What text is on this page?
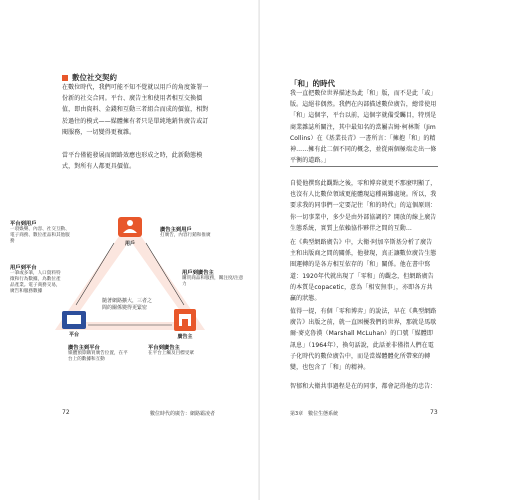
數位社交契約
在數位時代，我們可能不知不覺就以用戶的角度簽署一份新的社交合同。平台、廣告主和使用者相互交換價值，即由資料、金錢和互動三者組合而成的價值，相對於過往的模式——媒體擁有者只是單純地銷售廣告或訂閱服務，一切變得更複雜。
當平台僅能發展而網路效應也形成之時，此新動態模式，對所有人都更具價值。
用戶
平台	廣告主
隨著網路擴大，三者之間的關係變得更緊密
平台到用戶
一項娛樂、內容、社交互動、電子商務、數位產品和其他服務
廣告主到用戶
打廣告，內容行銷和推廣
用戶到平台
一筆或多筆，人口資料特徵和行為數據，為數位產品產業。電子商務交易，廣告和服務數據
用戶到廣告主
購買商品和服務，關注度/注意力
廣告主到平台
媒體預算購買廣告位置，在平台上的數據和互動
平台到廣告主
在平台上觸及目標受眾
72	數位時代的廣告：網路霸凌者
「和」的時代
我一直把數位世界描述為此「和」版，而不是此「或」版。這絕非偶然。我們在內部描述數位廣告，總常使用「和」這個字，平台以前，這個字就備受矚目，特別是商業雜誌所關注，其中最知名的當屬吉姆·柯林斯（Jim Collins）在《基業長青》一書所言：「擁抱「和」的精神……擁有此二個不同的概念，並從兩個極端走出一條平衡的道路。」
自從他撰寫此觀點之後，零和博弈就更不那麼明顯了，也沒有人比數位領域更能體現這種兩難處境。所以，我要求我的同事們一定要記住「和的時代」的這個原則：你一切事業中，多少是由外部協調的？開放的線上廣告生態系統，實質上依賴協作夥伴之間的互動…
在《典型網路廣告》中，大衛·阿加辛斯基分析了廣告主和出版商之間的關係，他發現，真正讓數位廣告生態圈運轉的是各方相互依存的「和」關係。他在書中寫道：1920年代就出現了「零和」的觀念，但網路廣告的本質是copacetic，意為「相安無事」，亦即各方共贏的狀態。
值得一提，有個「零和博弈」的說法，早在《典型網路廣告》出版之前，就一直困擾我們的世界，那就是馬歇爾·麥克魯漢（Marshall McLuhan）的口號「媒體即訊息」（1964年），換句話說，此話並非僅指人們在電子化時代的數位廣告中，而是當媒體體化所帶來的轉變，也包含了「和」的精神。
智郁和大衛共事過程是在的同事，都會記得他的忠告：
第3章　數位生態系統	73
